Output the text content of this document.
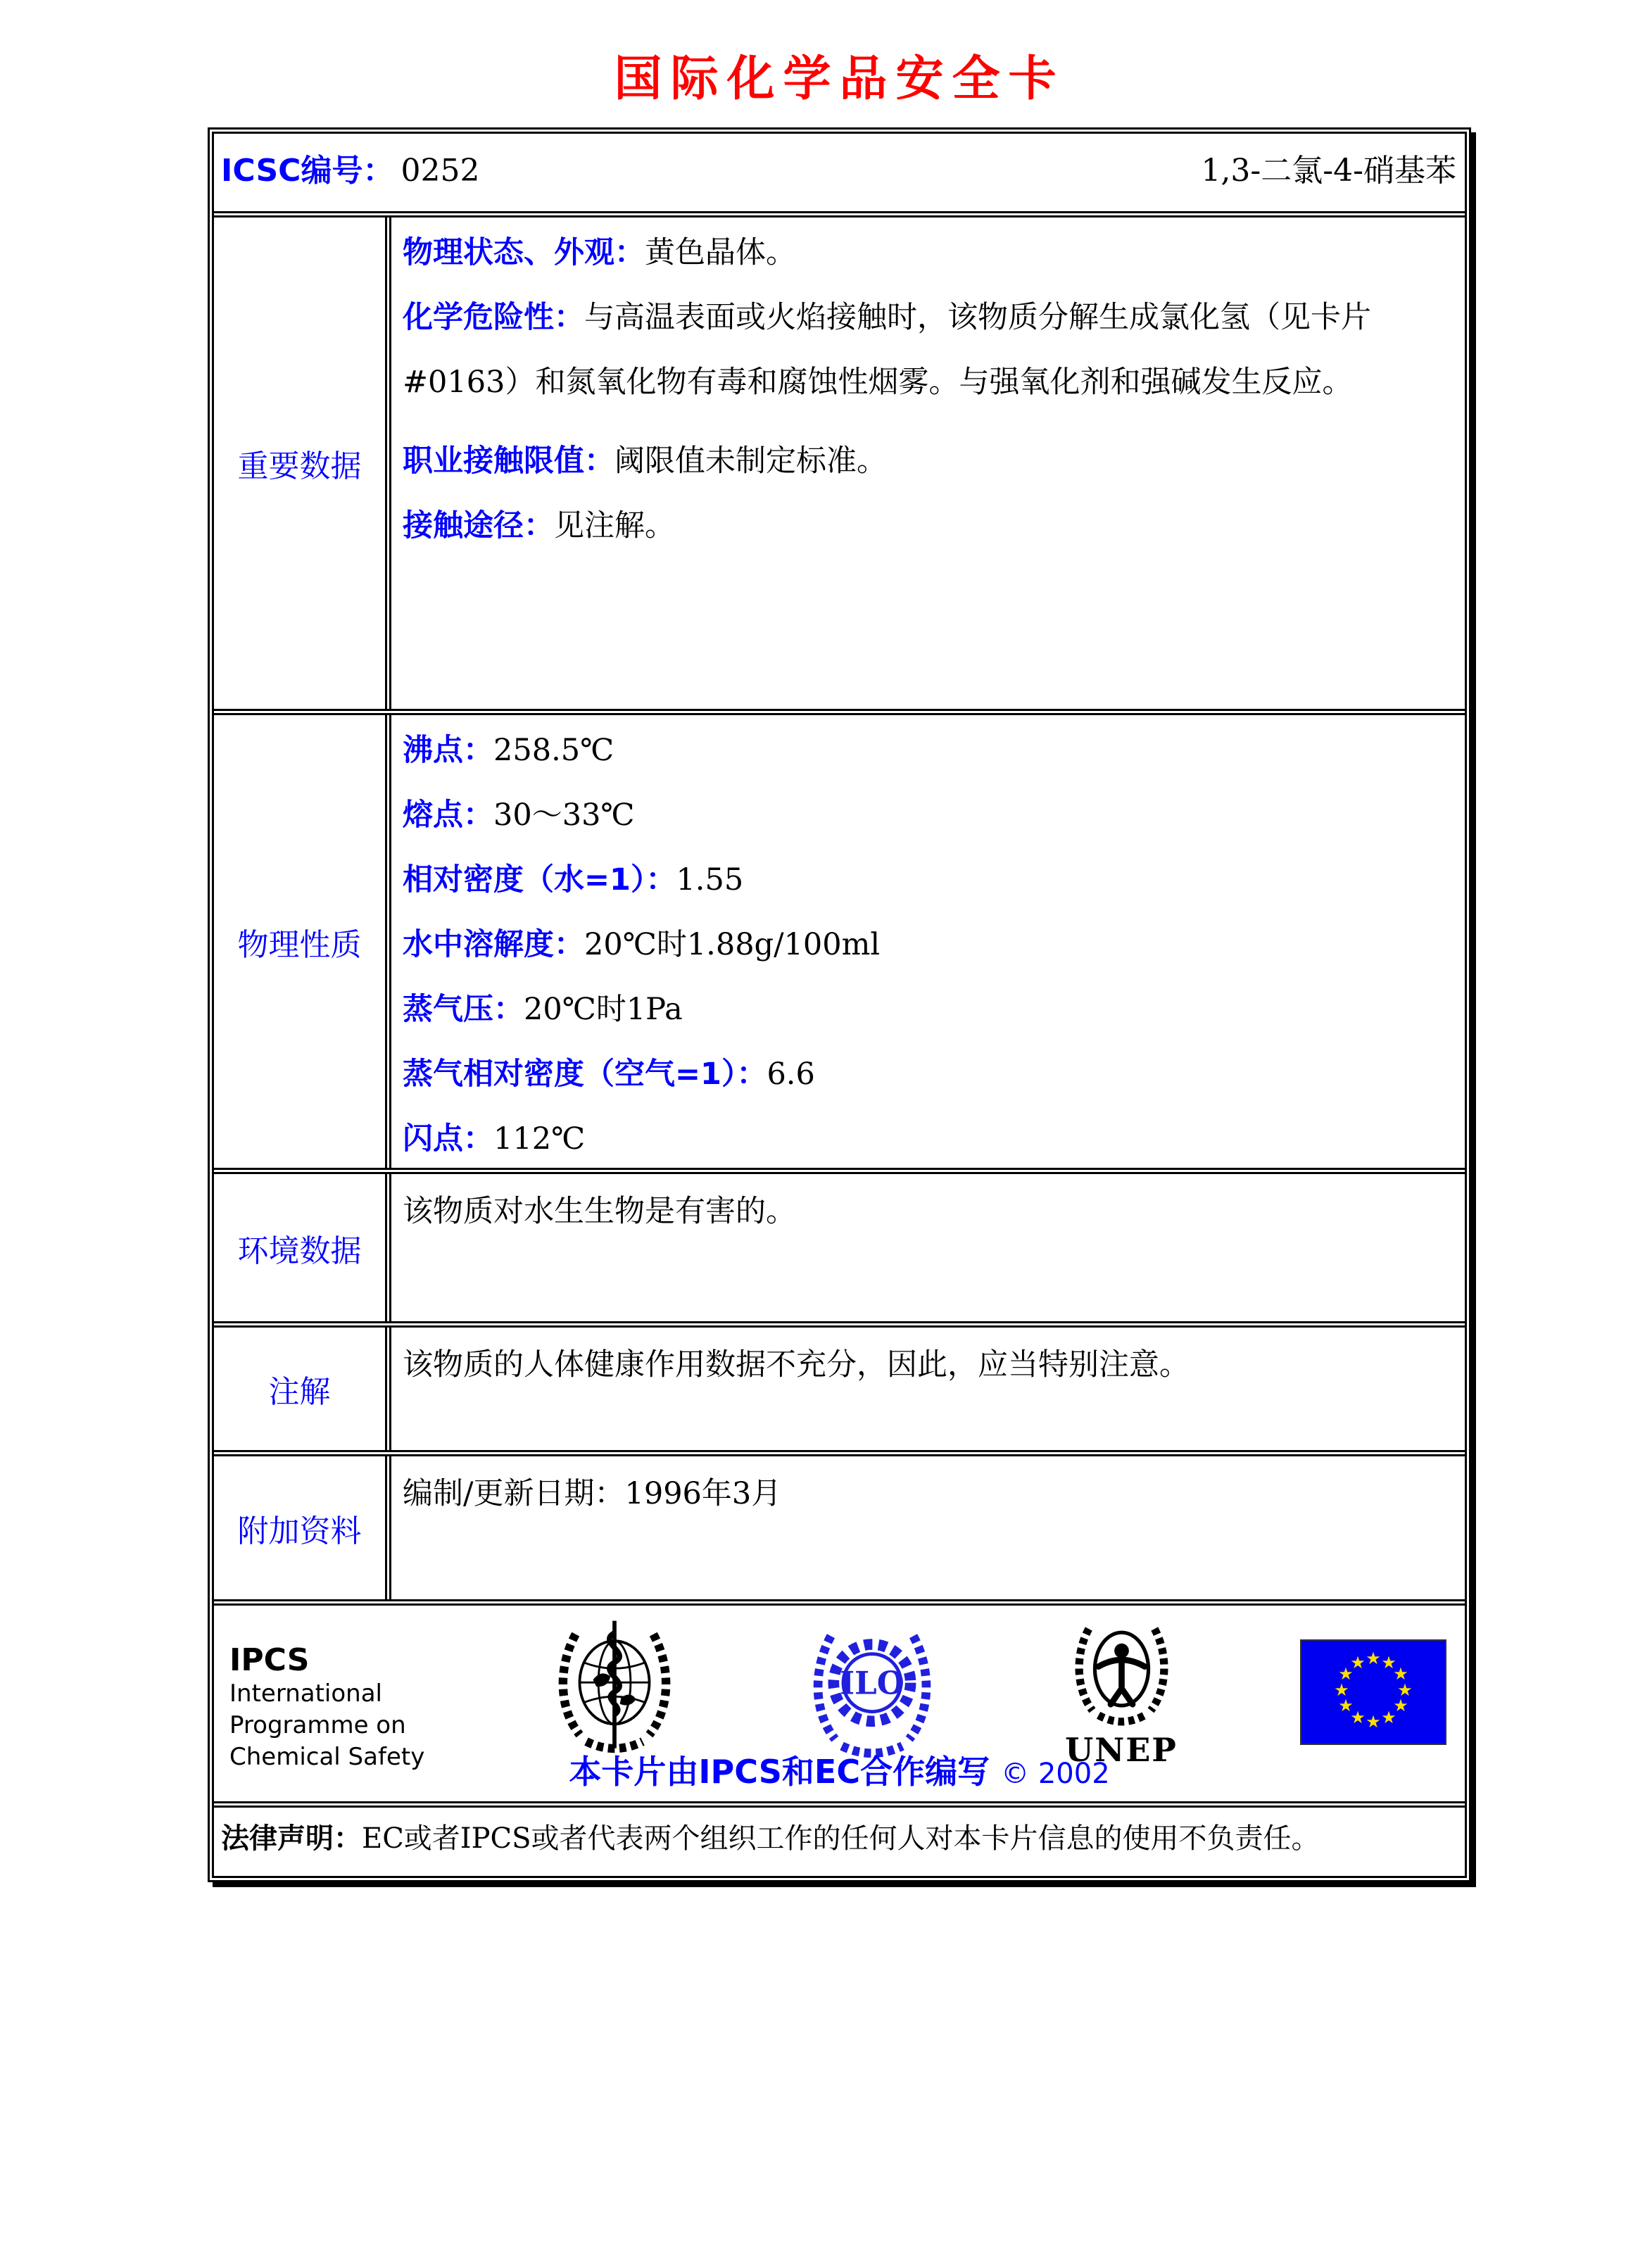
国际化学品安全卡
ICSC编号： 0252	1,3-二氯-4-硝基苯
重要数据
物理状态、外观：黄色晶体。
化学危险性：与高温表面或火焰接触时，该物质分解生成氯化氢（见卡片#0163）和氮氧化物有毒和腐蚀性烟雾。与强氧化剂和强碱发生反应。
职业接触限值：阈限值未制定标准。
接触途径：见注解。
物理性质
沸点：258.5℃
熔点：30～33℃
相对密度（水=1）：1.55
水中溶解度：20℃时1.88g/100ml
蒸气压：20℃时1Pa
蒸气相对密度（空气=1）：6.6
闪点：112℃
环境数据
该物质对水生生物是有害的。
注解
该物质的人体健康作用数据不充分，因此，应当特别注意。
附加资料
编制/更新日期：1996年3月
IPCS
International
Programme on
Chemical Safety
ILO
UNEP
★ ★
★
★
★
★
★
★
★
★
★
★
本卡片由IPCS和EC合作编写 © 2002
法律声明：EC或者IPCS或者代表两个组织工作的任何人对本卡片信息的使用不负责任。
